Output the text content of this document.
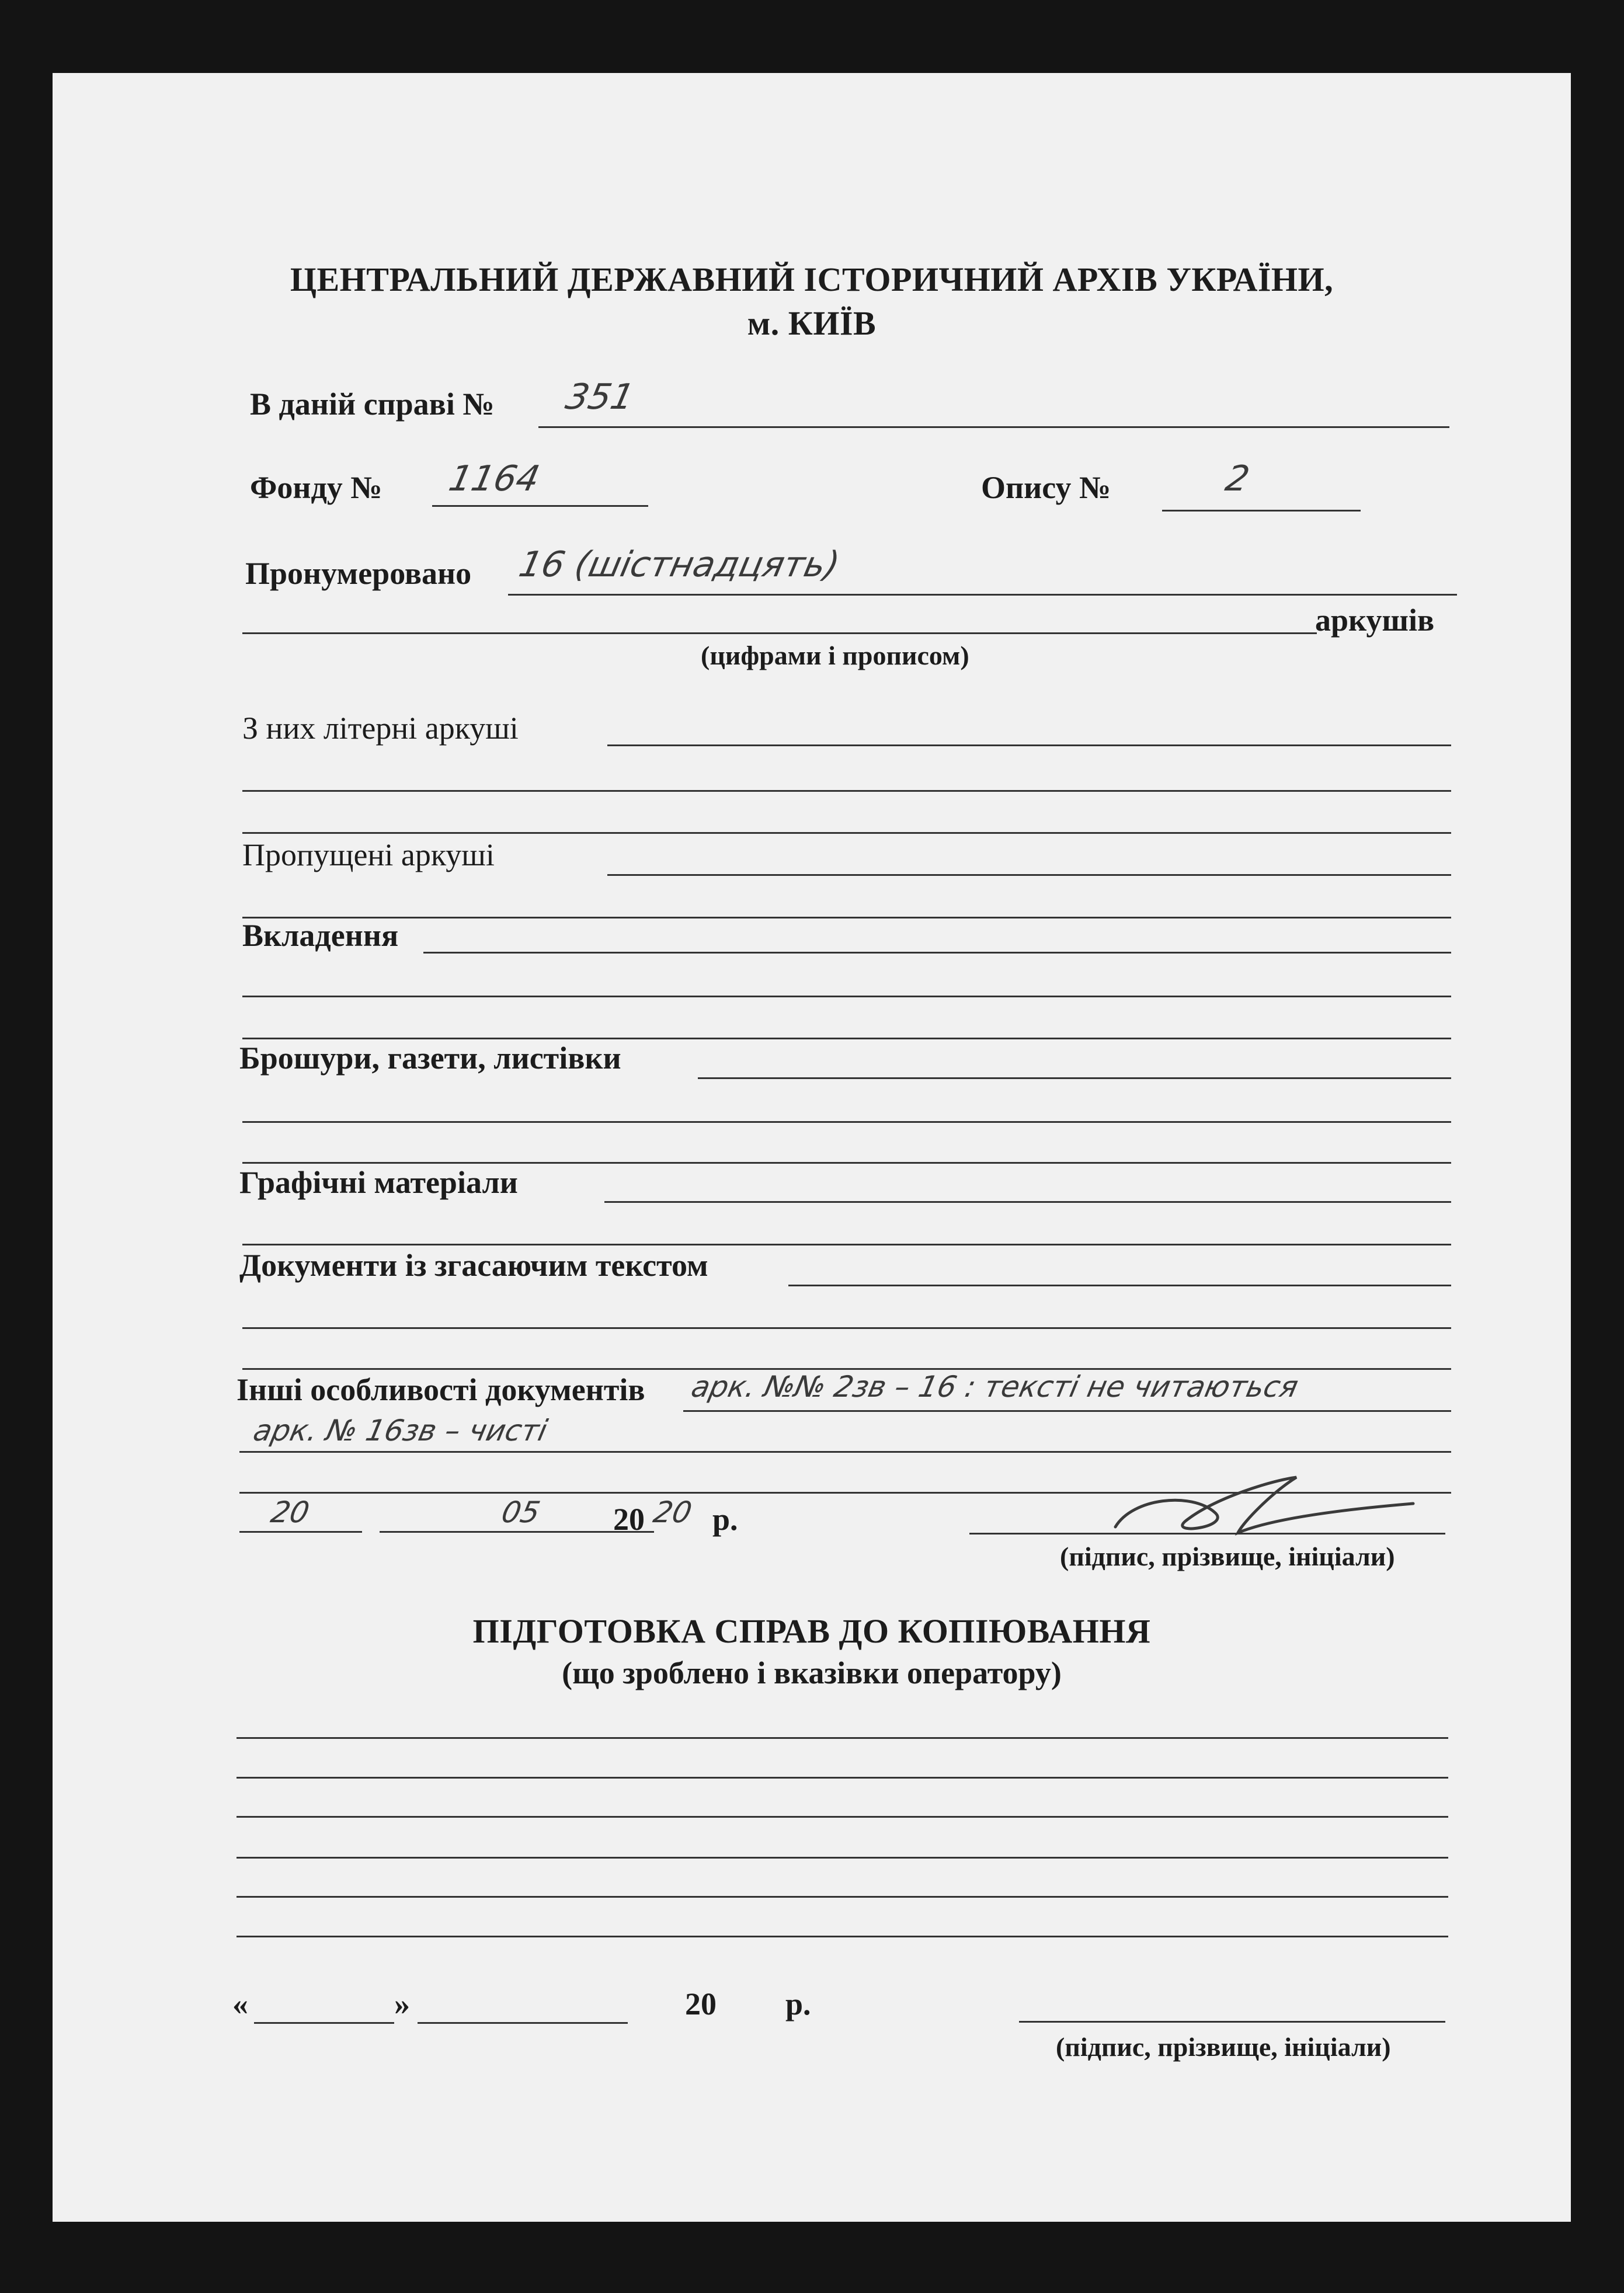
ЦЕНТРАЛЬНИЙ ДЕРЖАВНИЙ ІСТОРИЧНИЙ АРХІВ УКРАЇНИ,
м. КИЇВ
В даній справі № 351
Фонду № 1164	Опису №	2
Пронумеровано 16 (шістнадцять)
аркушів
(цифрами і прописом)
З них літерні аркуші
Пропущені аркуші
Вкладення
Брошури, газети, листівки
Графічні матеріали
Документи із згасаючим текстом
Інші особливості документів арк. №№ 2зв – 16 : тексті не читаються
арк. № 16зв – чисті
20	05 20 20 р.
(підпис, прізвище, ініціали)
ПІДГОТОВКА СПРАВ ДО КОПІЮВАННЯ
(що зроблено і вказівки оператору)
«	»	20 р.
(підпис, прізвище, ініціали)
